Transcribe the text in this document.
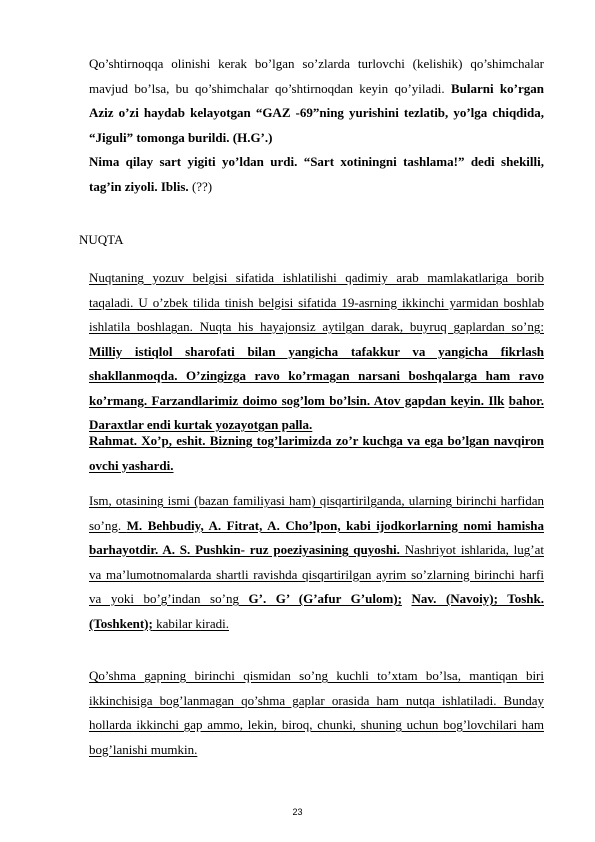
Qo’shtirnoqqa olinishi kerak bo’lgan so’zlarda turlovchi (kelishik) qo’shimchalar mavjud bo’lsa, bu qo’shimchalar qo’shtirnoqdan keyin qo’yiladi. Bularni ko’rgan Aziz o’zi haydab kelayotgan “GAZ -69”ning yurishini tezlatib, yo’lga chiqdida, “Jiguli” tomonga burildi. (H.G’.)
Nima qilay sart yigiti yo’ldan urdi. “Sart xotiningni tashlama!” dedi shekilli, tag’in ziyoli. Iblis. (??)
NUQTA
Nuqtaning yozuv belgisi sifatida ishlatilishi qadimiy arab mamlakatlariga borib taqaladi. U o’zbek tilida tinish belgisi sifatida 19-asrning ikkinchi yarmidan boshlab ishlatila boshlagan. Nuqta his hayajonsiz aytilgan darak, buyruq gaplardan so’ng: Milliy istiqlol sharofati bilan yangicha tafakkur va yangicha fikrlash shakllanmoqda. O’zingizga ravo ko’rmagan narsani boshqalarga ham ravo ko’rmang. Farzandlarimiz doimo sog’lom bo’lsin. Atov gapdan keyin. Ilk bahor. Daraxtlar endi kurtak yozayotgan palla.
Rahmat. Xo’p, eshit. Bizning tog’larimizda zo’r kuchga va ega bo’lgan navqiron ovchi yashardi.
Ism, otasining ismi (bazan familiyasi ham) qisqartirilganda, ularning birinchi harfidan so’ng. M. Behbudiy, A. Fitrat, A. Cho’lpon, kabi ijodkorlarning nomi hamisha barhayotdir. A. S. Pushkin- ruz poeziyasining quyoshi. Nashriyot ishlarida, lug’at va ma’lumotnomalarda shartli ravishda qisqartirilgan ayrim so’zlarning birinchi harfi va yoki bo’g’indan so’ng G’. G’ (G’afur G’ulom); Nav. (Navoiy); Toshk. (Toshkent); kabilar kiradi.
Qo’shma gapning birinchi qismidan so’ng kuchli to’xtam bo’lsa, mantiqan biri ikkinchisiga bog’lanmagan qo’shma gaplar orasida ham nutqa ishlatiladi. Bunday hollarda ikkinchi gap ammo, lekin, biroq, chunki, shuning uchun bog’lovchilari ham bog’lanishi mumkin.
23
